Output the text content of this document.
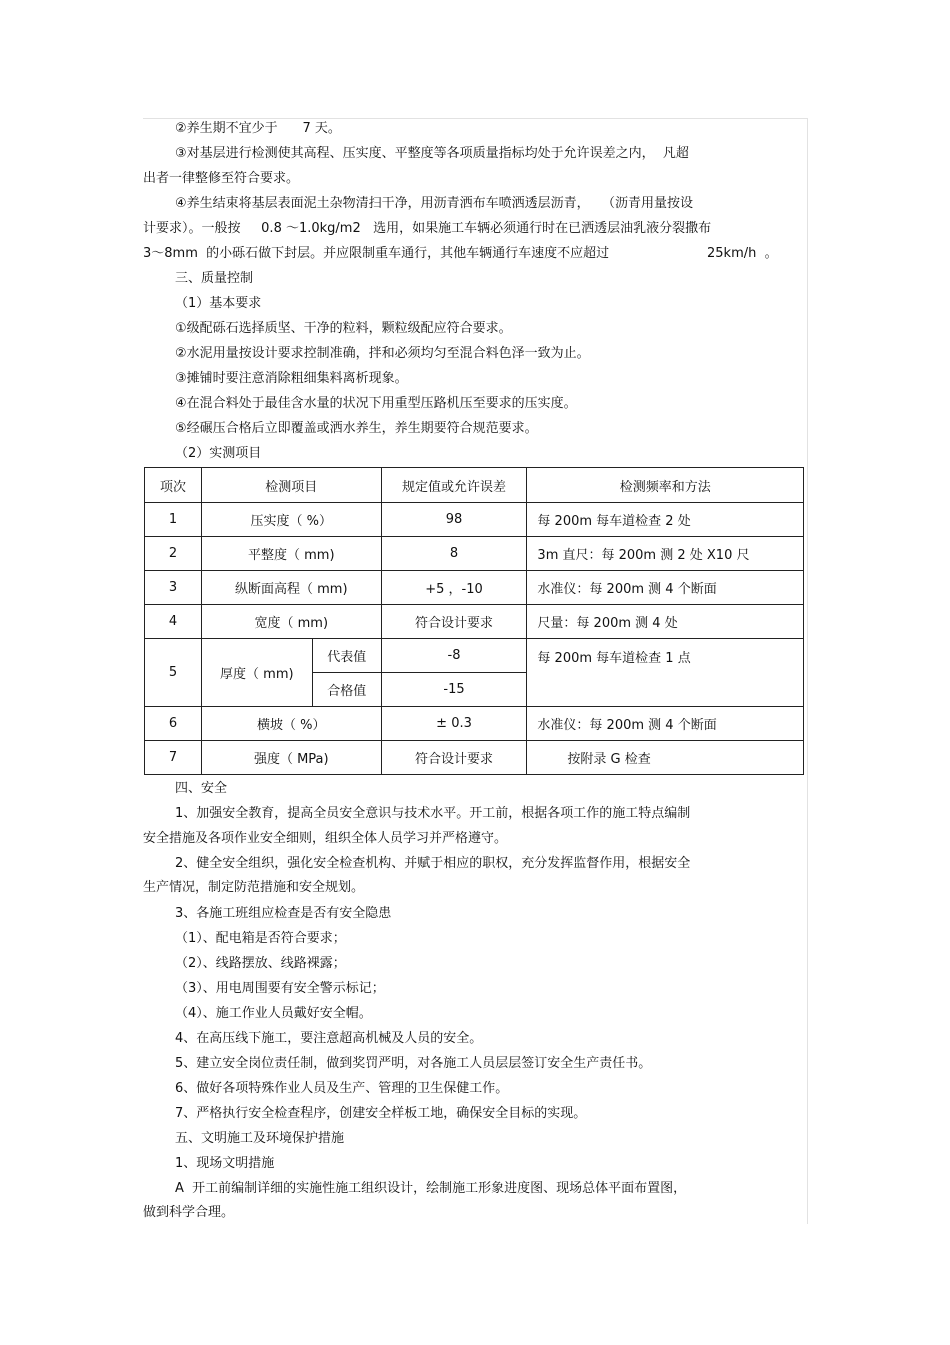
②养生期不宜少于      7 天。
③对基层进行检测使其高程、压实度、平整度等各项质量指标均处于允许误差之内，  凡超
出者一律整修至符合要求。
④养生结束将基层表面泥土杂物清扫干净，用沥青洒布车喷洒透层沥青，   （沥青用量按设
计要求）。一般按     0.8 ～1.0kg/m2   选用，如果施工车辆必须通行时在已洒透层油乳液分裂撒布
3～8mm  的小砾石做下封层。并应限制重车通行，其他车辆通行车速度不应超过	25km/h  。
三、质量控制
（1）基本要求
①级配砾石选择质坚、干净的粒料，颗粒级配应符合要求。
②水泥用量按设计要求控制准确，拌和必须均匀至混合料色泽一致为止。
③摊铺时要注意消除粗细集料离析现象。
④在混合料处于最佳含水量的状况下用重型压路机压至要求的压实度。
⑤经碾压合格后立即覆盖或洒水养生，养生期要符合规范要求。
（2）实测项目
项次	检测项目		规定值或允许误差	检测频率和方法
1	压实度（ %）		98	每 200m 每车道检查 2 处
2	平整度（ mm)		8	3m 直尺：每 200m 测 2 处 X10 尺
3	纵断面高程（ mm)		+5 ，-10	水准仪：每 200m 测 4 个断面
4	宽度（ mm)		符合设计要求	尺量：每 200m 测 4 处
5	厚度（ mm)	代表值	-8	每 200m 每车道检查 1 点
		合格值	-15	
6	横坡（ %）		± 0.3	水准仪：每 200m 测 4 个断面
7	强度（ MPa)		符合设计要求	按附录 G 检查
四、安全
1、加强安全教育，提高全员安全意识与技术水平。开工前，根据各项工作的施工特点编制
安全措施及各项作业安全细则，组织全体人员学习并严格遵守。
2、健全安全组织，强化安全检查机构、并赋于相应的职权，充分发挥监督作用，根据安全
生产情况，制定防范措施和安全规划。
3、各施工班组应检查是否有安全隐患
（1）、配电箱是否符合要求；
（2）、线路摆放、线路裸露；
（3）、用电周围要有安全警示标记；
（4）、施工作业人员戴好安全帽。
4、在高压线下施工，要注意超高机械及人员的安全。
5、建立安全岗位责任制，做到奖罚严明，对各施工人员层层签订安全生产责任书。
6、做好各项特殊作业人员及生产、管理的卫生保健工作。
7、严格执行安全检查程序，创建安全样板工地，确保安全目标的实现。
五、文明施工及环境保护措施
1、现场文明措施
A  开工前编制详细的实施性施工组织设计，绘制施工形象进度图、现场总体平面布置图，
做到科学合理。
